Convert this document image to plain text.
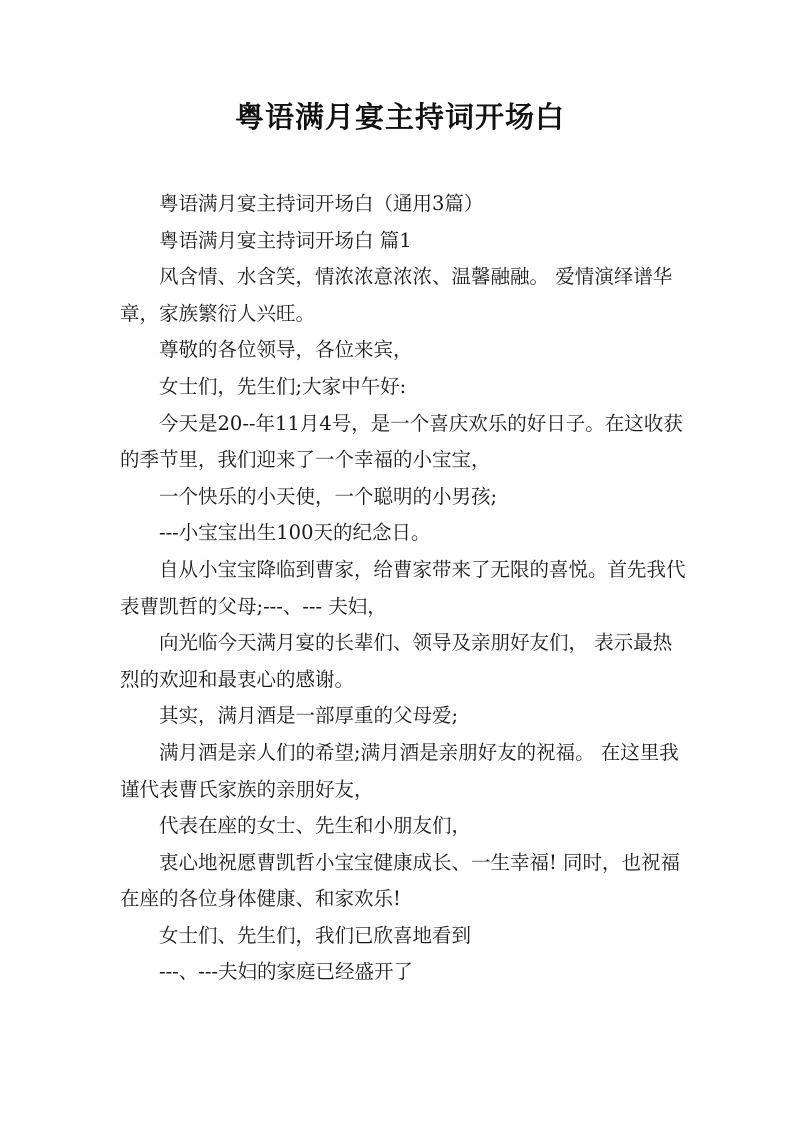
粤语满月宴主持词开场白

粤语满月宴主持词开场白（通用3篇）

粤语满月宴主持词开场白 篇1

风含情、水含笑，情浓浓意浓浓、温馨融融。 爱情演绎谱华章，家族繁衍人兴旺。

尊敬的各位领导，各位来宾，

女士们，先生们;大家中午好:

今天是20--年11月4号，是一个喜庆欢乐的好日子。在这收获的季节里，我们迎来了一个幸福的小宝宝，

一个快乐的小天使，一个聪明的小男孩;

---小宝宝出生100天的纪念日。

自从小宝宝降临到曹家，给曹家带来了无限的喜悦。首先我代表曹凯哲的父母;---、--- 夫妇，

向光临今天满月宴的长辈们、领导及亲朋好友们， 表示最热烈的欢迎和最衷心的感谢。

其实，满月酒是一部厚重的父母爱;

满月酒是亲人们的希望;满月酒是亲朋好友的祝福。 在这里我谨代表曹氏家族的亲朋好友，

代表在座的女士、先生和小朋友们，

衷心地祝愿曹凯哲小宝宝健康成长、一生幸福! 同时，也祝福在座的各位身体健康、和家欢乐!

女士们、先生们，我们已欣喜地看到

---、---夫妇的家庭已经盛开了
